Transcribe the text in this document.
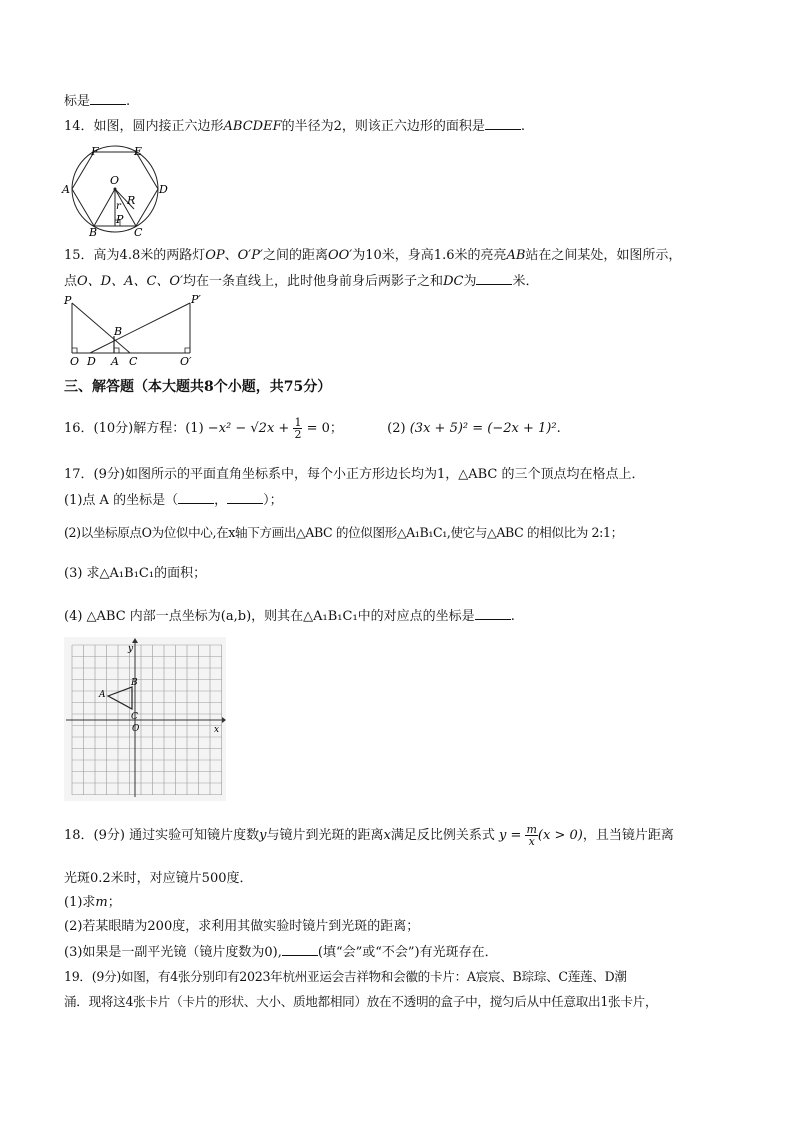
标是	.
14．如图，圆内接正六边形ABCDEF的半径为2，则该正六边形的面积是	.
F	E
A
O
D
R
r
P
B	C
15．高为4.8米的两路灯OP、O′P′之间的距离OO′为10米，身高1.6米的亮亮AB站在之间某处，如图所示，
点O、D、A、C、O′均在一条直线上，此时他身前身后两影子之和DC为	米．
P	P′
B
O D A C	O′
三、解答题（本大题共8个小题，共75分）
16．(10分)解方程：$(1) -x^2 - √2x + \frac{1}{2} = 0$；	(2) (3x + 5)² = (−2x + 1)².
17．(9分)如图所示的平面直角坐标系中，每个小正方形边长均为1，△ABC 的三个顶点均在格点上．
(1)点 A 的坐标是（	，	）；
(2)以坐标原点O为位似中心,在x轴下方画出△ABC 的位似图形△A₁B₁C₁,使它与△ABC 的相似比为 2:1；
(3) 求△A₁B₁C₁的面积；
(4) △ABC 内部一点坐标为(a,b)，则其在△A₁B₁C₁中的对应点的坐标是	.
y
A
B
C
O	x
18．(9分) 通过实验可知镜片度数y与镜片到光斑的距离x满足反比例关系式 $y = \frac{m}{x} (x > 0)$，且当镜片距离
光斑0.2米时，对应镜片500度．
(1)求m；
(2)若某眼睛为200度，求利用其做实验时镜片到光斑的距离；
(3)如果是一副平光镜（镜片度数为0),	(填“会”或“不会”)有光斑存在．
19．(9分)如图，有4张分别印有2023年杭州亚运会吉祥物和会徽的卡片：A宸宸、B琮琮、C莲莲、D潮
涌．现将这4张卡片（卡片的形状、大小、质地都相同）放在不透明的盒子中，搅匀后从中任意取出1张卡片，
